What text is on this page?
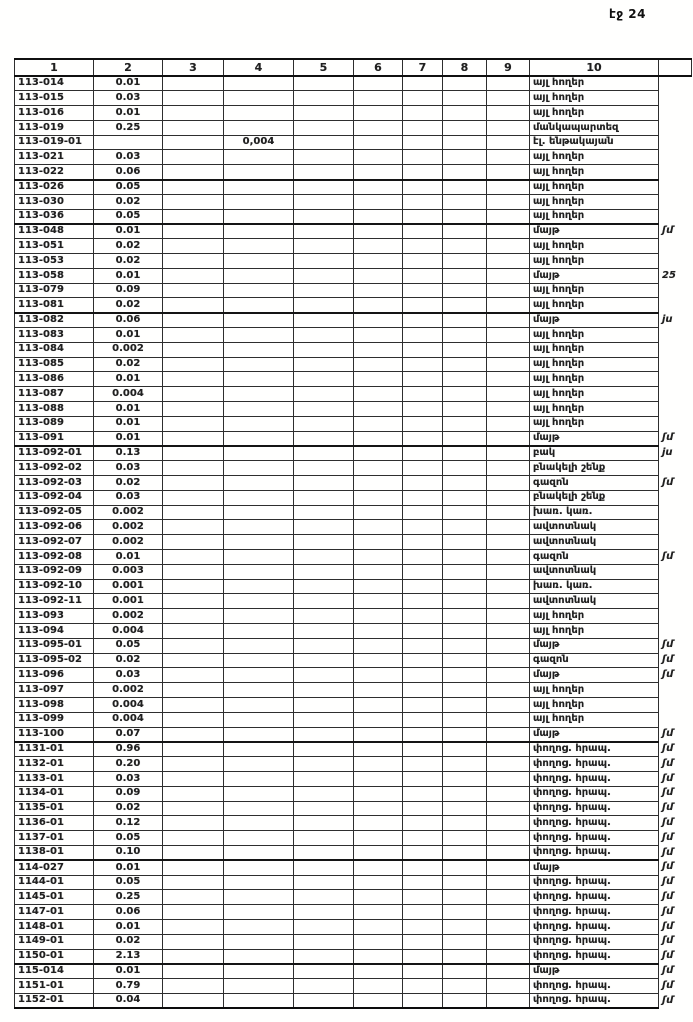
էջ 24
1	2	3	4	5	6	7	8	9	10	
113-014	0.01								այլ հողեր	
113-015	0.03								այլ հողեր	
113-016	0.01								այլ հողեր	
113-019	0.25								մանկապարտեզ	
113-019-01			0,004						էլ. ենթակայան	
113-021	0.03								այլ հողեր	
113-022	0.06								այլ հողեր	
113-026	0.05								այլ հողեր	
113-030	0.02								այլ հողեր	
113-036	0.05								այլ հողեր	
113-048	0.01								մայթ	ʃմ
113-051	0.02								այլ հողեր	
113-053	0.02								այլ հողեր	
113-058	0.01								մայթ	25
113-079	0.09								այլ հողեր	
113-081	0.02								այլ հողեր	
113-082	0.06								մայթ	ju
113-083	0.01								այլ հողեր	
113-084	0.002								այլ հողեր	
113-085	0.02								այլ հողեր	
113-086	0.01								այլ հողեր	
113-087	0.004								այլ հողեր	
113-088	0.01								այլ հողեր	
113-089	0.01								այլ հողեր	
113-091	0.01								մայթ	ʃմ
113-092-01	0.13								բակ	ju
113-092-02	0.03								բնակելի շենք	
113-092-03	0.02								գազոն	ʃմ
113-092-04	0.03								բնակելի շենք	
113-092-05	0.002								խառ. կառ.	
113-092-06	0.002								ավտոտնակ	
113-092-07	0.002								ավտոտնակ	
113-092-08	0.01								գազոն	ʃմ
113-092-09	0.003								ավտոտնակ	
113-092-10	0.001								խառ. կառ.	
113-092-11	0.001								ավտոտնակ	
113-093	0.002								այլ հողեր	
113-094	0.004								այլ հողեր	
113-095-01	0.05								մայթ	ʃմ
113-095-02	0.02								գազոն	ʃմ
113-096	0.03								մայթ	ʃմ
113-097	0.002								այլ հողեր	
113-098	0.004								այլ հողեր	
113-099	0.004								այլ հողեր	
113-100	0.07								մայթ	ʃմ
1131-01	0.96								փողոց. հրապ.	ʃմ
1132-01	0.20								փողոց. հրապ.	ʃմ
1133-01	0.03								փողոց. հրապ.	ʃմ
1134-01	0.09								փողոց. հրապ.	ʃմ
1135-01	0.02								փողոց. հրապ.	ʃմ
1136-01	0.12								փողոց. հրապ.	ʃմ
1137-01	0.05								փողոց. հրապ.	ʃմ
1138-01	0.10								փողոց. հրապ.	ʃմ
114-027	0.01								մայթ	ʃմ
1144-01	0.05								փողոց. հրապ.	ʃմ
1145-01	0.25								փողոց. հրապ.	ʃմ
1147-01	0.06								փողոց. հրապ.	ʃմ
1148-01	0.01								փողոց. հրապ.	ʃմ
1149-01	0.02								փողոց. հրապ.	ʃմ
1150-01	2.13								փողոց. հրապ.	ʃմ
115-014	0.01								մայթ	ʃմ
1151-01	0.79								փողոց. հրապ.	ʃմ
1152-01	0.04								փողոց. հրապ.	ʃմ
